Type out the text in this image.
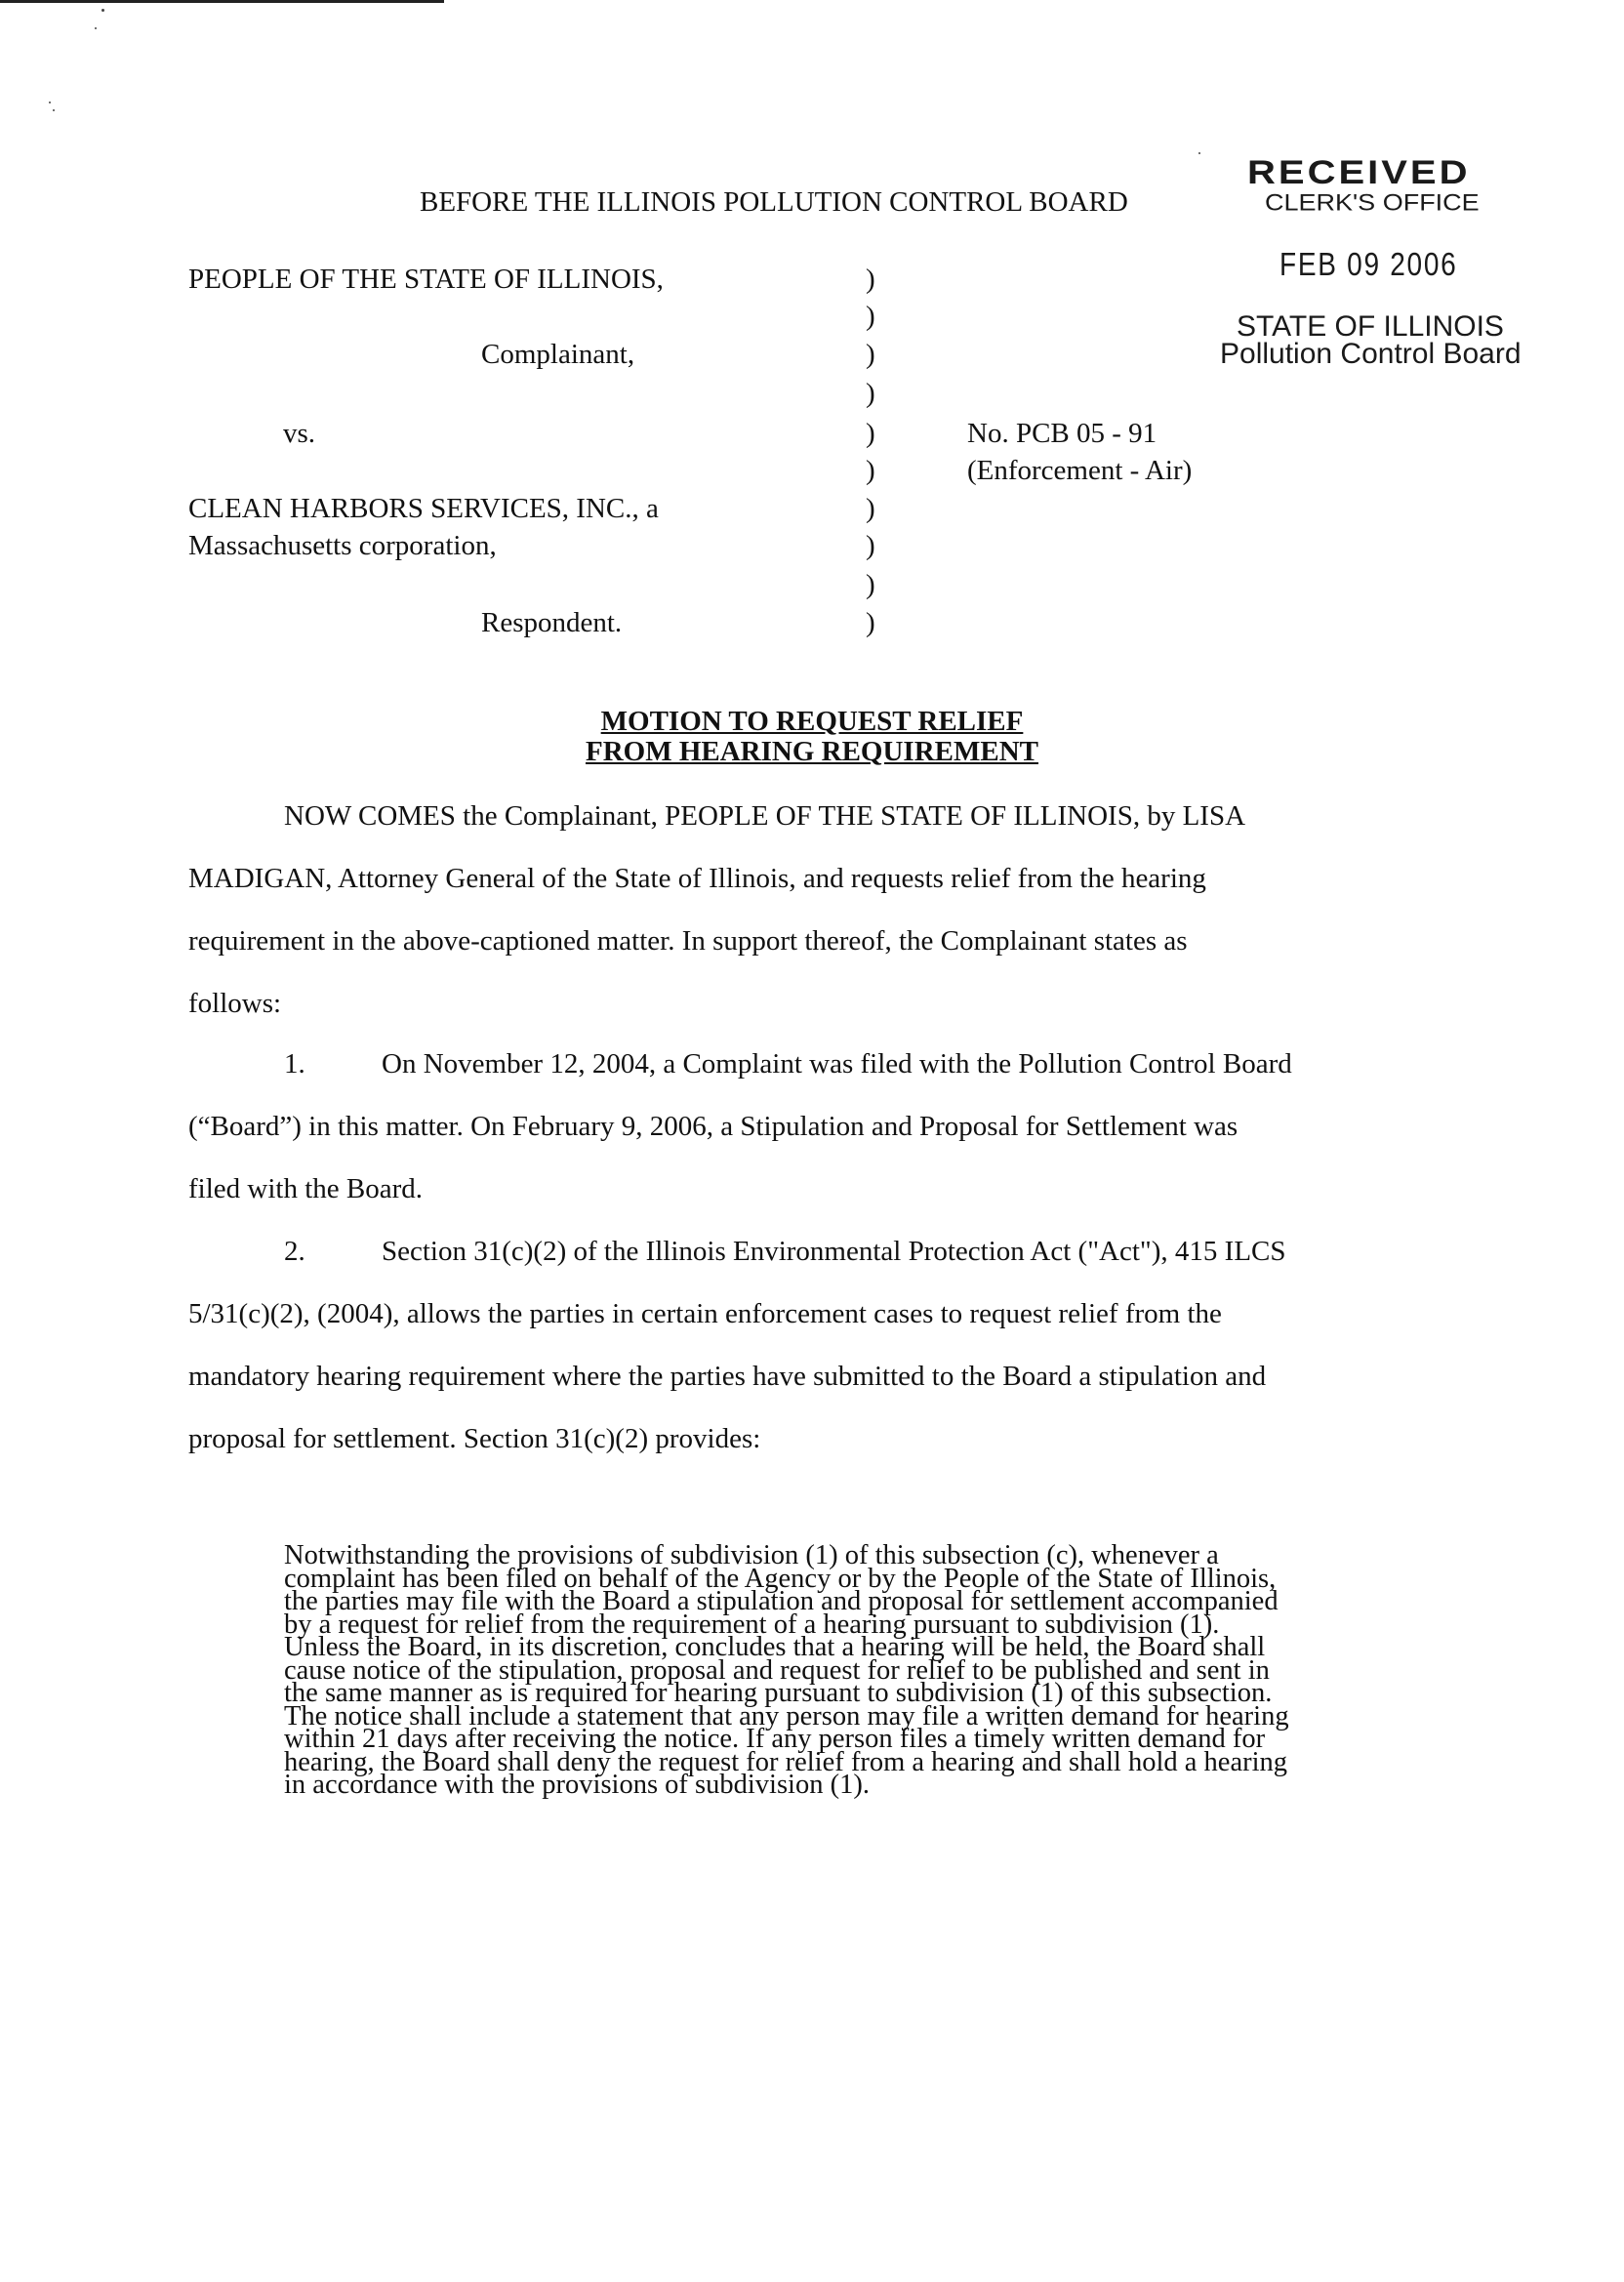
RECEIVED
CLERK'S OFFICE
FEB 09 2006
STATE OF ILLINOIS
Pollution Control Board
BEFORE THE ILLINOIS POLLUTION CONTROL BOARD
PEOPLE OF THE STATE OF ILLINOIS,
Complainant,
vs.
CLEAN HARBORS SERVICES, INC., a
Massachusetts corporation,
Respondent.
)
)
)
)
)
)
)
)
)
)
No. PCB 05 - 91
(Enforcement - Air)
MOTION TO REQUEST RELIEF
FROM HEARING REQUIREMENT
NOW COMES the Complainant, PEOPLE OF THE STATE OF ILLINOIS, by LISA
MADIGAN, Attorney General of the State of Illinois, and requests relief from the hearing
requirement in the above-captioned matter. In support thereof, the Complainant states as
follows:
1.	On November 12, 2004, a Complaint was filed with the Pollution Control Board
(“Board”) in this matter. On February 9, 2006, a Stipulation and Proposal for Settlement was
filed with the Board.
2.	Section 31(c)(2) of the Illinois Environmental Protection Act ("Act"), 415 ILCS
5/31(c)(2), (2004), allows the parties in certain enforcement cases to request relief from the
mandatory hearing requirement where the parties have submitted to the Board a stipulation and
proposal for settlement. Section 31(c)(2) provides:
Notwithstanding the provisions of subdivision (1) of this subsection (c), whenever a
complaint has been filed on behalf of the Agency or by the People of the State of Illinois,
the parties may file with the Board a stipulation and proposal for settlement accompanied
by a request for relief from the requirement of a hearing pursuant to subdivision (1).
Unless the Board, in its discretion, concludes that a hearing will be held, the Board shall
cause notice of the stipulation, proposal and request for relief to be published and sent in
the same manner as is required for hearing pursuant to subdivision (1) of this subsection.
The notice shall include a statement that any person may file a written demand for hearing
within 21 days after receiving the notice. If any person files a timely written demand for
hearing, the Board shall deny the request for relief from a hearing and shall hold a hearing
in accordance with the provisions of subdivision (1).
